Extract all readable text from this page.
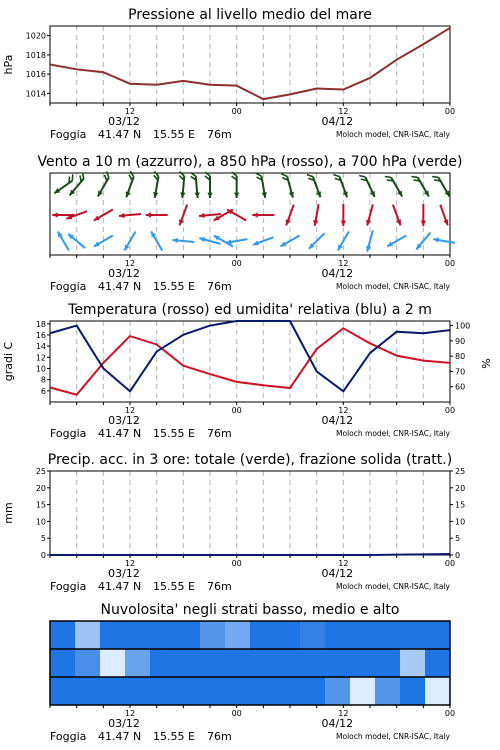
Pressione al livello medio del mare
12
03/12
00	12
04/12
00
Foggia 41.47 N 15.55 E 76m	Moloch model, CNR-ISAC, Italy
1014
1016
1018
1020
hPa
Vento a 10 m (azzurro), a 850 hPa (rosso), a 700 hPa (verde)
12
03/12
00	12
04/12
00
Foggia 41.47 N 15.55 E 76m	Moloch model, CNR-ISAC, Italy
Temperatura (rosso) ed umidita' relativa (blu) a 2 m
12
03/12
00	12
04/12
00
Foggia 41.47 N 15.55 E 76m	Moloch model, CNR-ISAC, Italy
6
8
10
12
14
16
18
60
70
80
90
100
gradi C	%
Precip. acc. in 3 ore: totale (verde), frazione solida (tratt.)
12
03/12
00	12
04/12
00
Foggia 41.47 N 15.55 E 76m	Moloch model, CNR-ISAC, Italy
0
5
10
15
20
25
0
5
10
15
20
25
mm
Nuvolosita' negli strati basso, medio e alto
12
03/12
00	12
04/12
00
Foggia 41.47 N 15.55 E 76m	Moloch model, CNR-ISAC, Italy
